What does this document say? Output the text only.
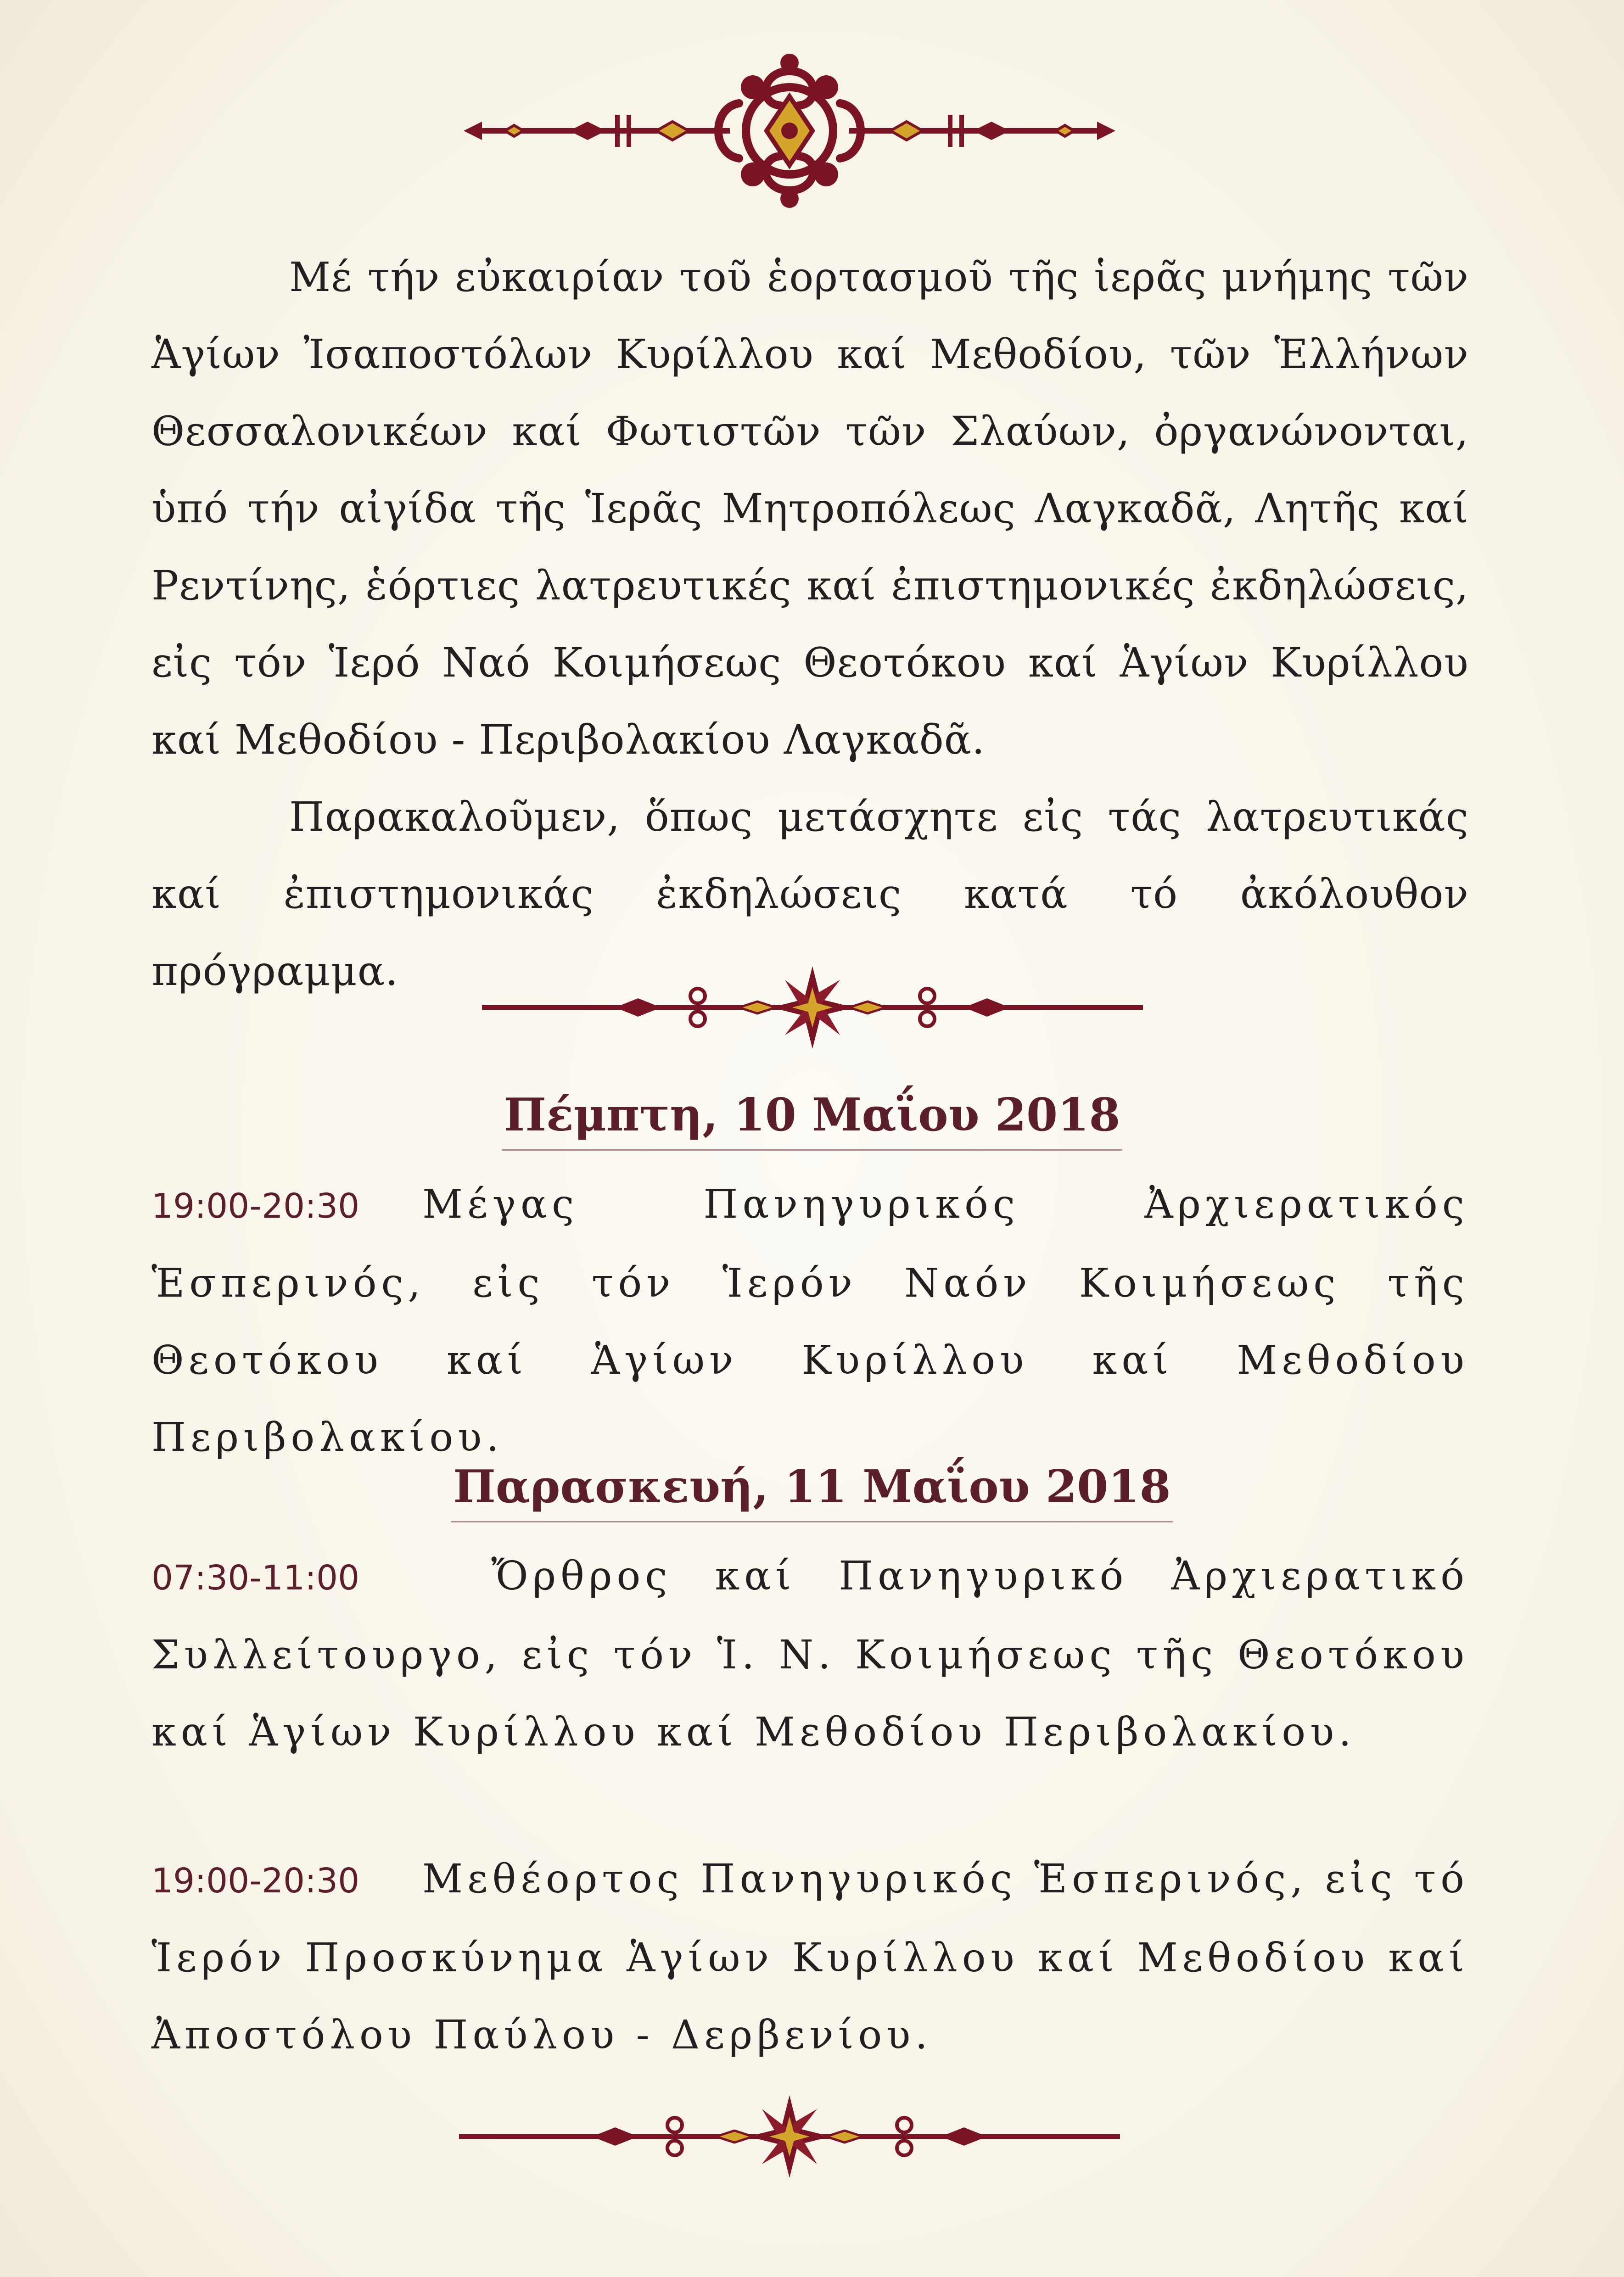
Μέ τήν εὐκαιρίαν τοῦ ἑορτασμοῦ τῆς ἱερᾶς μνήμης τῶν Ἁγίων Ἰσαποστόλων Κυρίλλου καί Μεθοδίου, τῶν Ἑλλήνων Θεσσαλονικέων καί Φωτιστῶν τῶν Σλαύων, ὀργανώνονται, ὑπό τήν αἰγίδα τῆς Ἱερᾶς Μητροπόλεως Λαγκαδᾶ, Λητῆς καί Ρεντίνης, ἑόρτιες λατρευτικές καί ἐπιστημονικές ἐκδηλώσεις, εἰς τόν Ἱερό Ναό Κοιμήσεως Θεοτόκου καί Ἁγίων Κυρίλλου καί Μεθοδίου - Περιβολακίου Λαγκαδᾶ.

Παρακαλοῦμεν, ὅπως μετάσχητε εἰς τάς λατρευτικάς καί ἐπιστημονικάς ἐκδηλώσεις κατά τό ἀκόλουθον πρόγραμμα.

Πέμπτη, 10 Μαΐου 2018
19:00-20:30 Μέγας Πανηγυρικός Ἀρχιερατικός Ἑσπερινός, εἰς τόν Ἱερόν Ναόν Κοιμήσεως τῆς Θεοτόκου καί Ἁγίων Κυρίλλου καί Μεθοδίου Περιβολακίου.
Παρασκευή, 11 Μαΐου 2018
07:30-11:00	Ὄρθρος καί Πανηγυρικό Ἀρχιερατικό Συλλείτουργο, εἰς τόν Ἱ. Ν. Κοιμήσεως τῆς Θεοτόκου καί Ἁγίων Κυρίλλου καί Μεθοδίου Περιβολακίου.
19:00-20:30 Μεθέορτος Πανηγυρικός Ἑσπερινός, εἰς τό Ἱερόν Προσκύνημα Ἁγίων Κυρίλλου καί Μεθοδίου καί Ἀποστόλου Παύλου - Δερβενίου.
